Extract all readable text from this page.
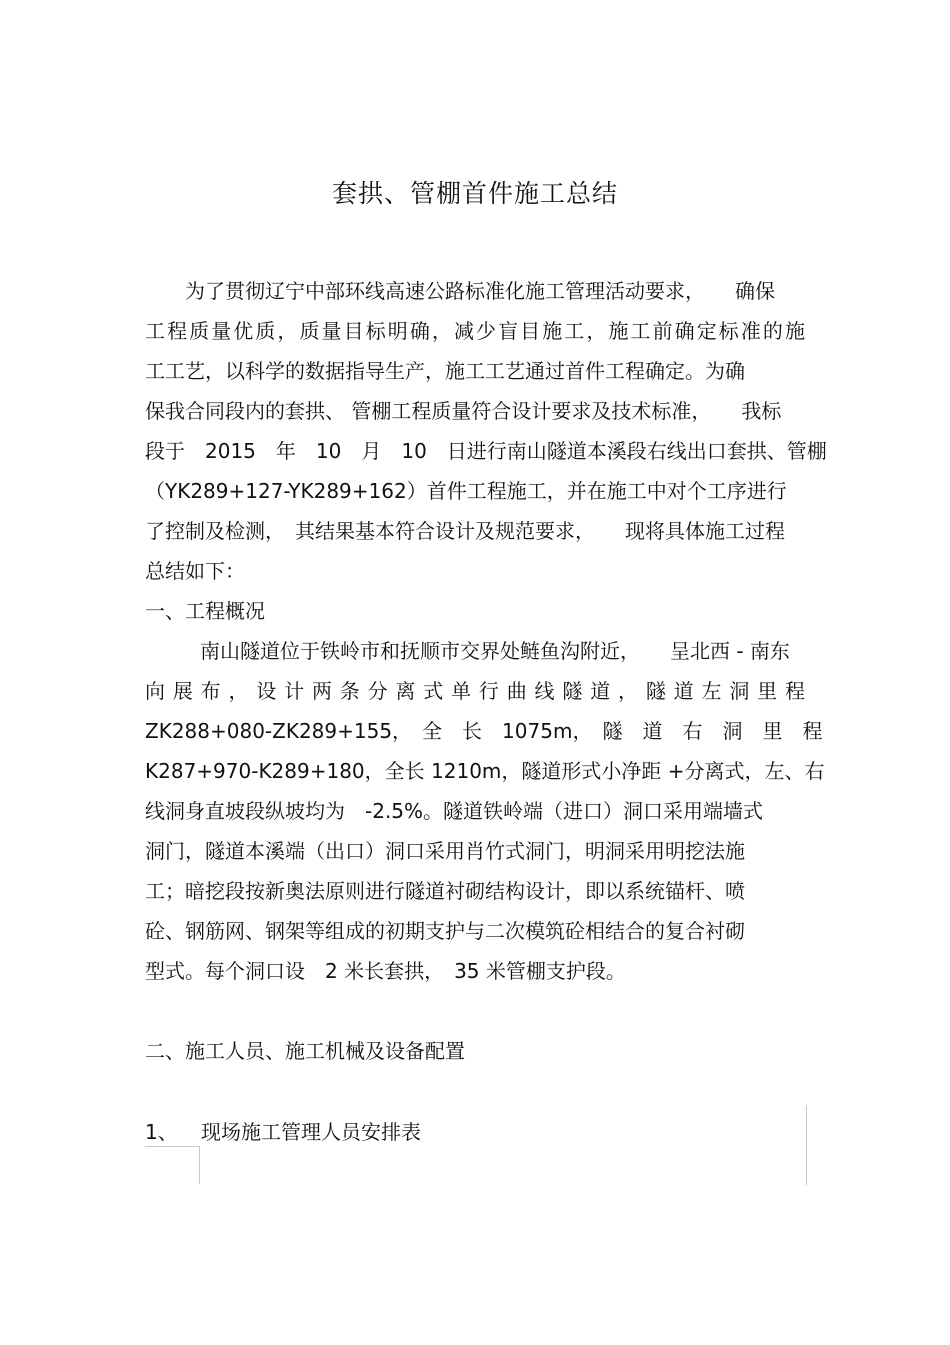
套拱、管棚首件施工总结
为了贯彻辽宁中部环线高速公路标准化施工管理活动要求，　　确保
工程质量优质，质量目标明确，减少盲目施工，施工前确定标准的施
工工艺，以科学的数据指导生产，施工工艺通过首件工程确定。为确
保我合同段内的套拱、 管棚工程质量符合设计要求及技术标准，　　我标
段于　2015　年　10　月　10　日进行南山隧道本溪段右线出口套拱、管棚
（YK289+127-YK289+162）首件工程施工，并在施工中对个工序进行
了控制及检测，　其结果基本符合设计及规范要求，　　现将具体施工过程
总结如下：
一、工程概况
南山隧道位于铁岭市和抚顺市交界处鲢鱼沟附近，　　呈北西 - 南东
向 展 布 ， 设 计 两 条 分 离 式 单 行 曲 线 隧 道 ， 隧 道 左 洞 里 程
ZK288+080-ZK289+155，　全　长　1075m，　隧　道　右　洞　里　程
K287+970-K289+180，全长 1210m，隧道形式小净距 +分离式，左、右
线洞身直坡段纵坡均为　-2.5%。隧道铁岭端（进口）洞口采用端墙式
洞门，隧道本溪端（出口）洞口采用肖竹式洞门，明洞采用明挖法施
工；暗挖段按新奥法原则进行隧道衬砌结构设计，即以系统锚杆、喷
砼、钢筋网、钢架等组成的初期支护与二次模筑砼相结合的复合衬砌
型式。每个洞口设　2 米长套拱，　35 米管棚支护段。
二、施工人员、施工机械及设备配置
1、 现场施工管理人员安排表
